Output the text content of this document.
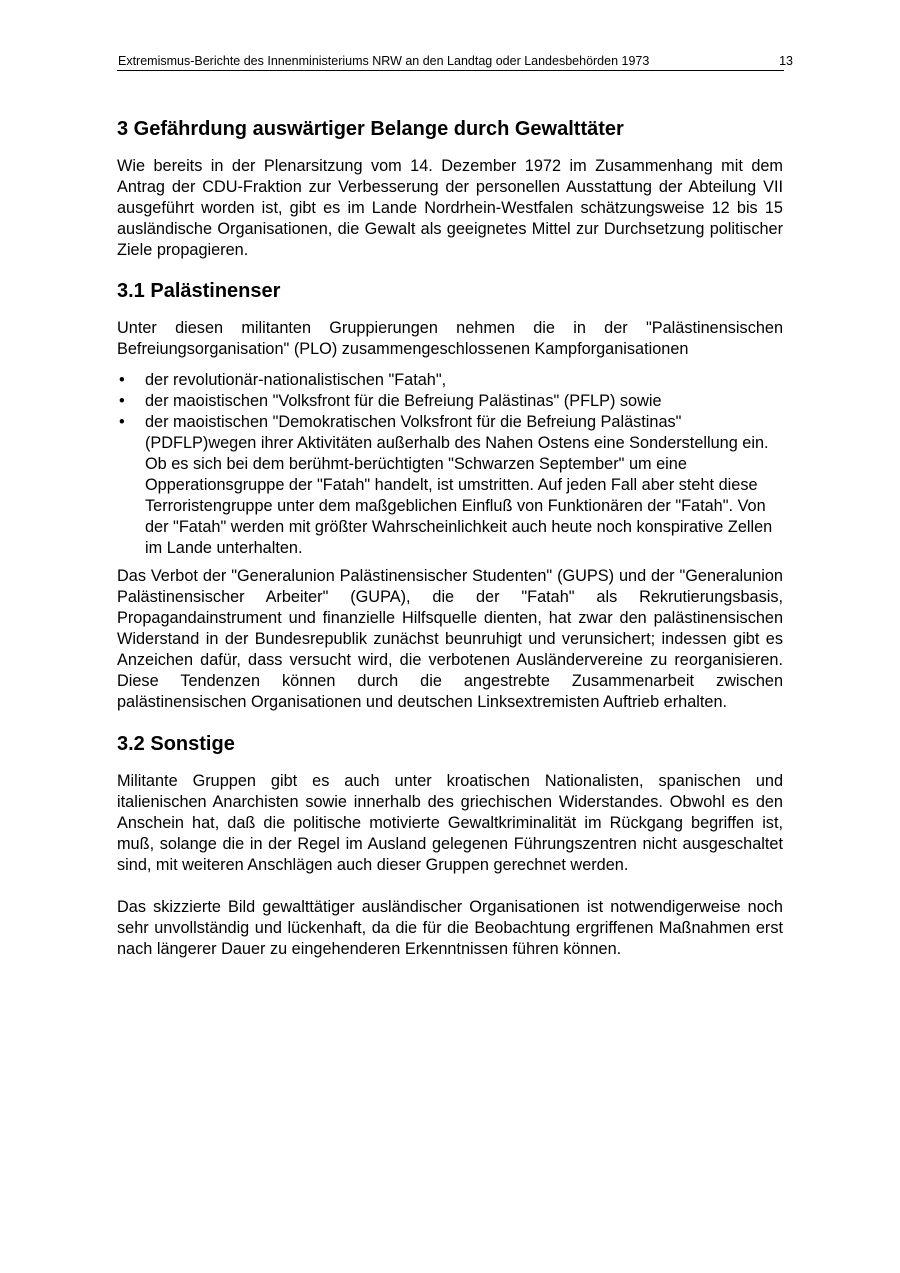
Extremismus-Berichte des Innenministeriums NRW an den Landtag oder Landesbehörden 1973	13
3 Gefährdung auswärtiger Belange durch Gewalttäter

Wie bereits in der Plenarsitzung vom 14. Dezember 1972 im Zusammenhang mit dem Antrag der CDU-Fraktion zur Verbesserung der personellen Ausstattung der Abteilung VII ausgeführt worden ist, gibt es im Lande Nordrhein-Westfalen schätzungsweise 12 bis 15 ausländische Organisationen, die Gewalt als geeignetes Mittel zur Durchsetzung politischer Ziele propagieren.

3.1 Palästinenser

Unter diesen militanten Gruppierungen nehmen die in der "Palästinensischen Befreiungsorganisation" (PLO) zusammengeschlossenen Kampforganisationen

• der revolutionär-nationalistischen "Fatah",
• der maoistischen "Volksfront für die Befreiung Palästinas" (PFLP) sowie
• der maoistischen "Demokratischen Volksfront für die Befreiung Palästinas" (PDFLP)wegen ihrer Aktivitäten außerhalb des Nahen Ostens eine Sonderstellung ein. Ob es sich bei dem berühmt-berüchtigten "Schwarzen September" um eine Opperationsgruppe der "Fatah" handelt, ist umstritten. Auf jeden Fall aber steht diese Terroristengruppe unter dem maßgeblichen Einfluß von Funktionären der "Fatah". Von der "Fatah" werden mit größter Wahrscheinlichkeit auch heute noch konspirative Zellen im Lande unterhalten.

Das Verbot der "Generalunion Palästinensischer Studenten" (GUPS) und der "Generalunion Palästinensischer Arbeiter" (GUPA), die der "Fatah" als Rekrutierungsbasis, Propagandainstrument und finanzielle Hilfsquelle dienten, hat zwar den palästinensischen Widerstand in der Bundesrepublik zunächst beunruhigt und verunsichert; indessen gibt es Anzeichen dafür, dass versucht wird, die verbotenen Ausländervereine zu reorganisieren. Diese Tendenzen können durch die angestrebte Zusammenarbeit zwischen palästinensischen Organisationen und deutschen Linksextremisten Auftrieb erhalten.

3.2 Sonstige

Militante Gruppen gibt es auch unter kroatischen Nationalisten, spanischen und italienischen Anarchisten sowie innerhalb des griechischen Widerstandes. Obwohl es den Anschein hat, daß die politische motivierte Gewaltkriminalität im Rückgang begriffen ist, muß, solange die in der Regel im Ausland gelegenen Führungszentren nicht ausgeschaltet sind, mit weiteren Anschlägen auch dieser Gruppen gerechnet werden.

Das skizzierte Bild gewalttätiger ausländischer Organisationen ist notwendigerweise noch sehr unvollständig und lückenhaft, da die für die Beobachtung ergriffenen Maßnahmen erst nach längerer Dauer zu eingehenderen Erkenntnissen führen können.
